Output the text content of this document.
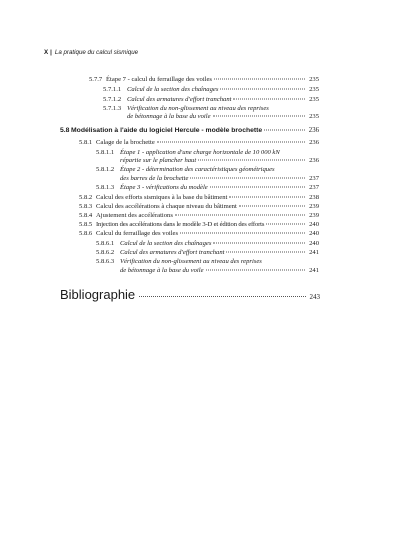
X | La pratique du calcul sismique
5.7.7 Étape 7 - calcul du ferraillage des voiles	235
5.7.1.1 Calcul de la section des chaînages	235
5.7.1.2 Calcul des armatures d'effort tranchant	235
5.7.1.3 Vérification du non-glissement au niveau des reprises
de bétonnage à la base du voile	235
5.8 Modélisation à l'aide du logiciel Hercule - modèle brochette	236
5.8.1 Calage de la brochette	236
5.8.1.1 Étape 1 - application d'une charge horizontale de 10 000 kN
répartie sur le plancher haut	236
5.8.1.2 Étape 2 - détermination des caractéristiques géométriques
des barres de la brochette	237
5.8.1.3 Étape 3 - vérifications du modèle	237
5.8.2 Calcul des efforts sismiques à la base du bâtiment	238
5.8.3 Calcul des accélérations à chaque niveau du bâtiment	239
5.8.4 Ajustement des accélérations	239
5.8.5 Injection des accélérations dans le modèle 3-D et édition des efforts	240
5.8.6 Calcul du ferraillage des voiles	240
5.8.6.1 Calcul de la section des chaînages	240
5.8.6.2 Calcul des armatures d'effort tranchant	241
5.8.6.3 Vérification du non-glissement au niveau des reprises
de bétonnage à la base du voile	241
Bibliographie	243
